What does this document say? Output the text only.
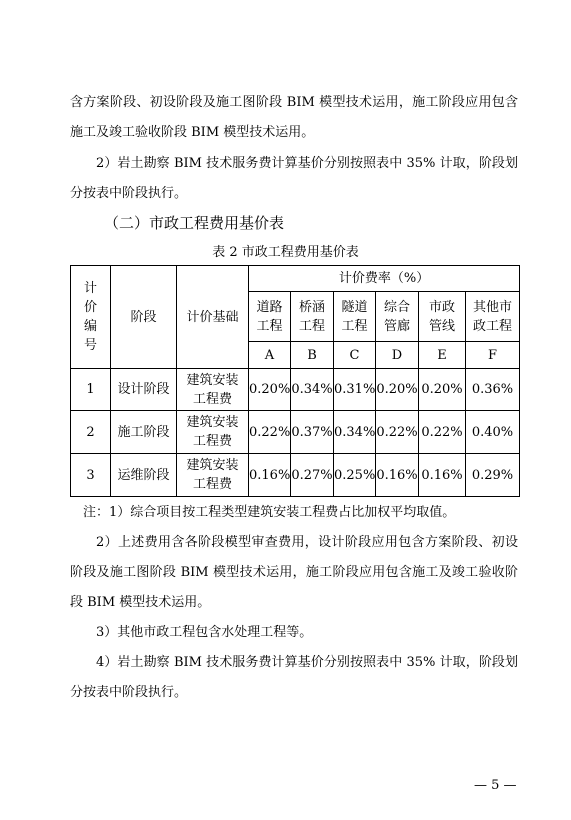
含方案阶段、初设阶段及施工图阶段 BIM 模型技术运用，施工阶段应用包含施工及竣工验收阶段 BIM 模型技术运用。

2）岩土勘察 BIM 技术服务费计算基价分别按照表中 35% 计取，阶段划分按表中阶段执行。

（二）市政工程费用基价表
表 2 市政工程费用基价表
计价编号	阶段	计价基础	计价费率（%）					
			道路工程	桥涵工程	隧道工程	综合管廊	市政管线	其他市政工程
			A	B	C	D	E	F
1	设计阶段	建筑安装工程费	0.20%	0.34%	0.31%	0.20%	0.20%	0.36%
2	施工阶段	建筑安装工程费	0.22%	0.37%	0.34%	0.22%	0.22%	0.40%
3	运维阶段	建筑安装工程费	0.16%	0.27%	0.25%	0.16%	0.16%	0.29%

注：1）综合项目按工程类型建筑安装工程费占比加权平均取值。

2）上述费用含各阶段模型审查费用，设计阶段应用包含方案阶段、初设阶段及施工图阶段 BIM 模型技术运用，施工阶段应用包含施工及竣工验收阶段 BIM 模型技术运用。

3）其他市政工程包含水处理工程等。

4）岩土勘察 BIM 技术服务费计算基价分别按照表中 35% 计取，阶段划分按表中阶段执行。

— 5 —
